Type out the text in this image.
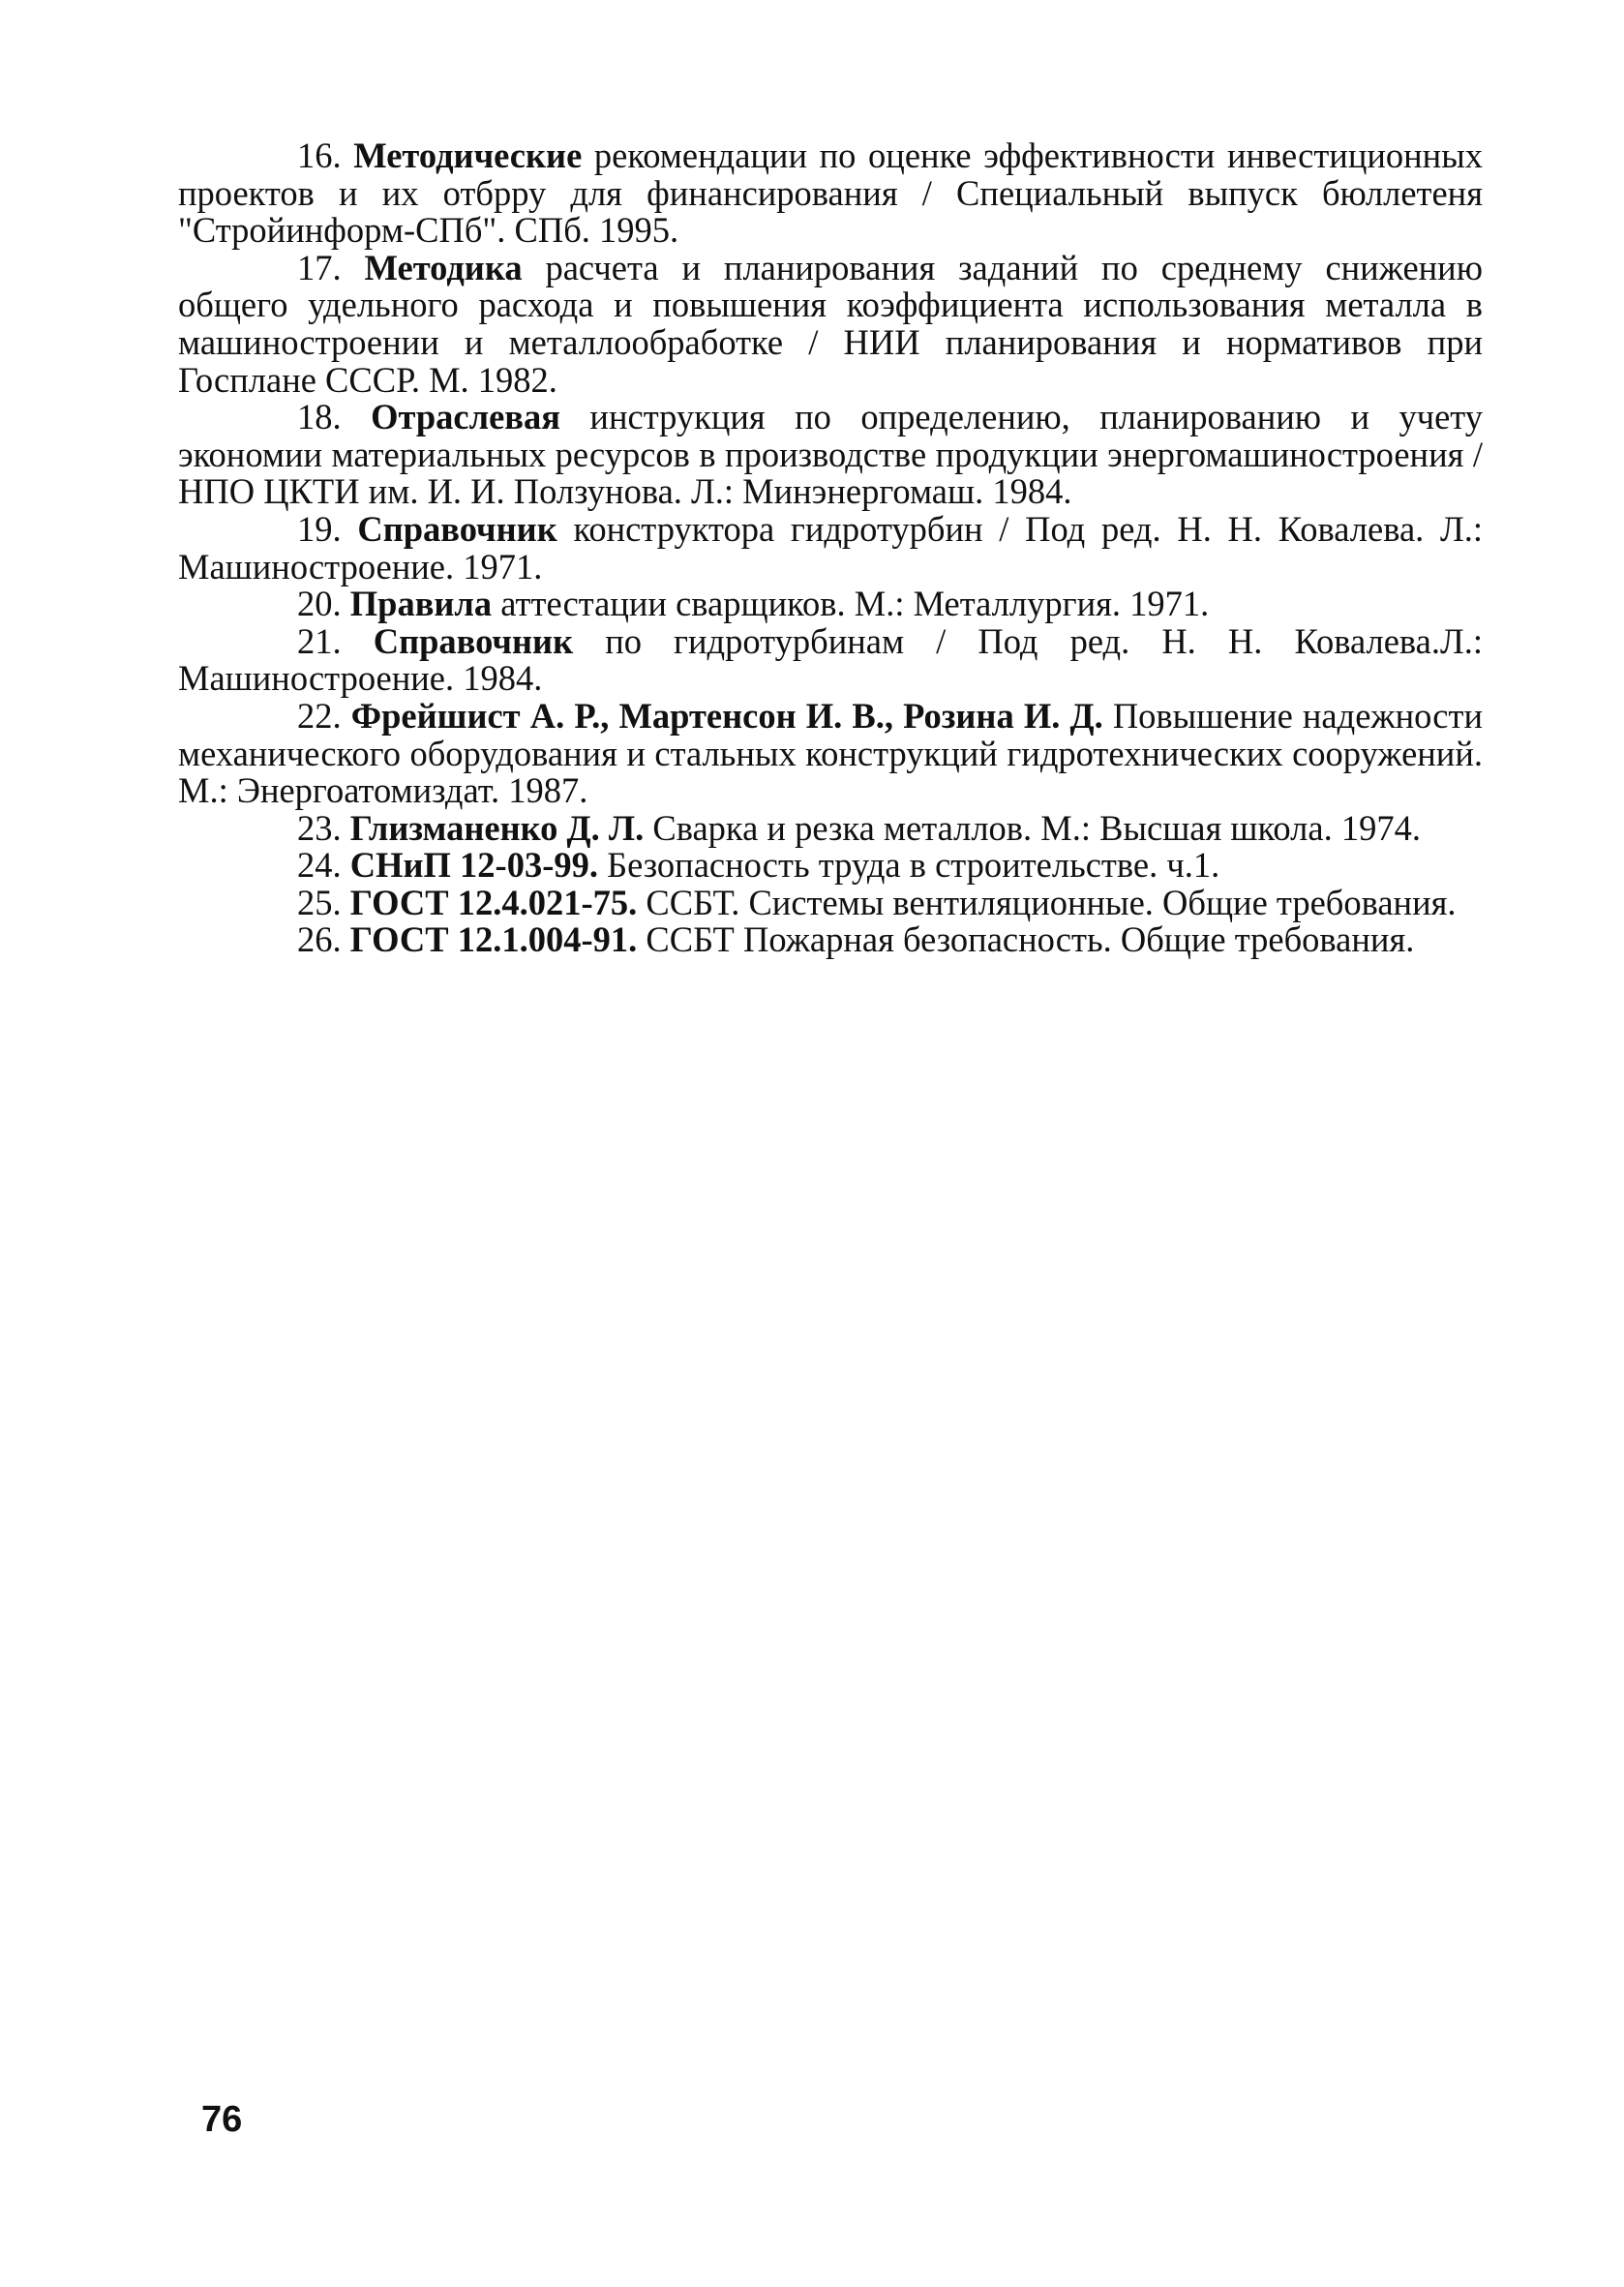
16. Методические рекомендации по оценке эффективности инвестиционных проектов и их отбрру для финансирования / Специальный выпуск бюллетеня "Стройинформ-СПб". СПб. 1995.

17. Методика расчета и планирования заданий по среднему снижению общего удельного расхода и повышения коэффициента использования металла в машиностроении и металлообработке / НИИ планирования и нормативов при Госплане СССР. М. 1982.

18. Отраслевая инструкция по определению, планированию и учету экономии материальных ресурсов в производстве продукции энергомашиностроения / НПО ЦКТИ им. И. И. Ползунова. Л.: Минэнергомаш. 1984.

19. Справочник конструктора гидротурбин / Под ред. Н. Н. Ковалева. Л.: Машиностроение. 1971.

20. Правила аттестации сварщиков. М.: Металлургия. 1971.

21. Справочник по гидротурбинам / Под ред. Н. Н. Ковалева.Л.: Машиностроение. 1984.

22. Фрейшист А. Р., Мартенсон И. В., Розина И. Д. Повышение надежности механического оборудования и стальных конструкций гидротехнических сооружений. М.: Энергоатомиздат. 1987.

23. Глизманенко Д. Л. Сварка и резка металлов. М.: Высшая школа. 1974.

24. СНиП 12-03-99. Безопасность труда в строительстве. ч.1.

25. ГОСТ 12.4.021-75. ССБТ. Системы вентиляционные. Общие требования.

26. ГОСТ 12.1.004-91. ССБТ Пожарная безопасность. Общие требования.

76
